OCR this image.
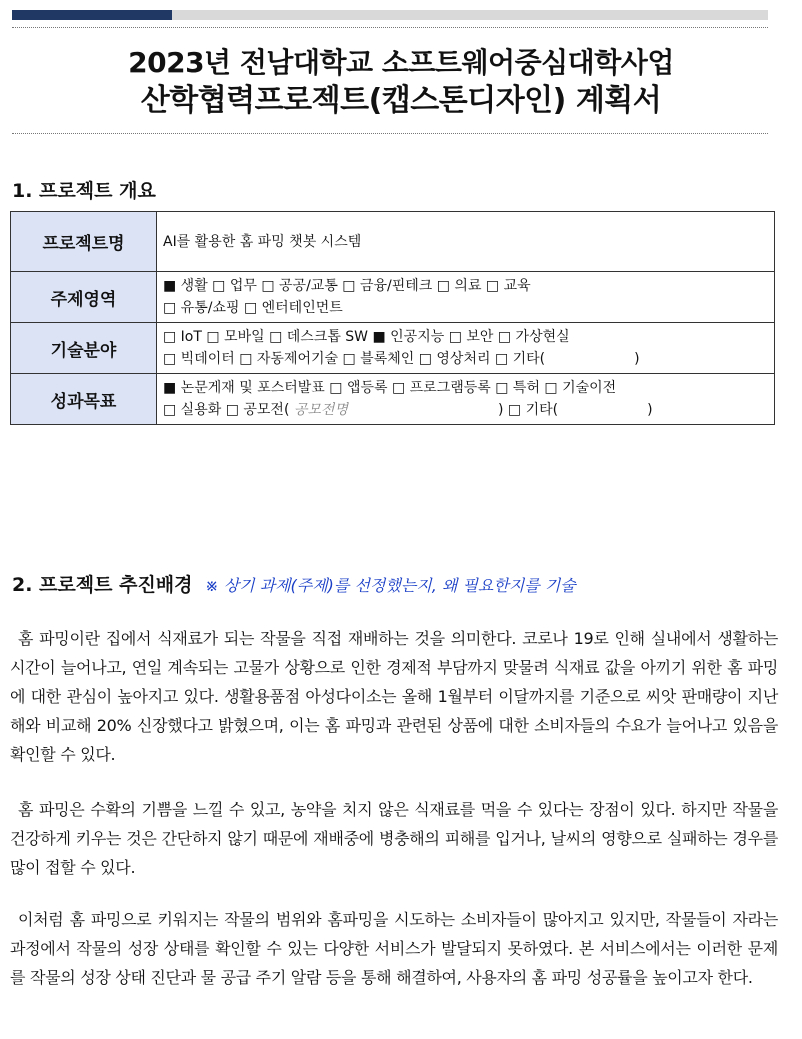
2023년 전남대학교 소프트웨어중심대학사업
산학협력프로젝트(캡스톤디자인) 계획서
1. 프로젝트 개요
프로젝트명	AI를 활용한 홈 파밍 챗봇 시스템

주제영역	■ 생활 □ 업무 □ 공공/교통 □ 금융/핀테크 □ 의료 □ 교육
□ 유통/쇼핑 □ 엔터테인먼트

기술분야	□ IoT □ 모바일 □ 데스크톱 SW ■ 인공지능 □ 보안 □ 가상현실
□ 빅데이터 □ 자동제어기술 □ 블록체인 □ 영상처리 □ 기타(                    )

성과목표	■ 논문게재 및 포스터발표 □ 앱등록 □ 프로그램등록 □ 특허 □ 기술이전
□ 실용화 □ 공모전( 공모전명 ) □ 기타(                    )
2. 프로젝트 추진배경 ※ 상기 과제(주제)를 선정했는지, 왜 필요한지를 기술
홈 파밍이란 집에서 식재료가 되는 작물을 직접 재배하는 것을 의미한다. 코로나 19로 인해 실내에서 생활하는 시간이 늘어나고, 연일 계속되는 고물가 상황으로 인한 경제적 부담까지 맞물려 식재료 값을 아끼기 위한 홈 파밍에 대한 관심이 높아지고 있다. 생활용품점 아성다이소는 올해 1월부터 이달까지를 기준으로 씨앗 판매량이 지난해와 비교해 20% 신장했다고 밝혔으며, 이는 홈 파밍과 관련된 상품에 대한 소비자들의 수요가 늘어나고 있음을 확인할 수 있다.
홈 파밍은 수확의 기쁨을 느낄 수 있고, 농약을 치지 않은 식재료를 먹을 수 있다는 장점이 있다. 하지만 작물을 건강하게 키우는 것은 간단하지 않기 때문에 재배중에 병충해의 피해를 입거나, 날씨의 영향으로 실패하는 경우를 많이 접할 수 있다.
이처럼 홈 파밍으로 키워지는 작물의 범위와 홈파밍을 시도하는 소비자들이 많아지고 있지만, 작물들이 자라는 과정에서 작물의 성장 상태를 확인할 수 있는 다양한 서비스가 발달되지 못하였다. 본 서비스에서는 이러한 문제를 작물의 성장 상태 진단과 물 공급 주기 알람 등을 통해 해결하여, 사용자의 홈 파밍 성공률을 높이고자 한다.
